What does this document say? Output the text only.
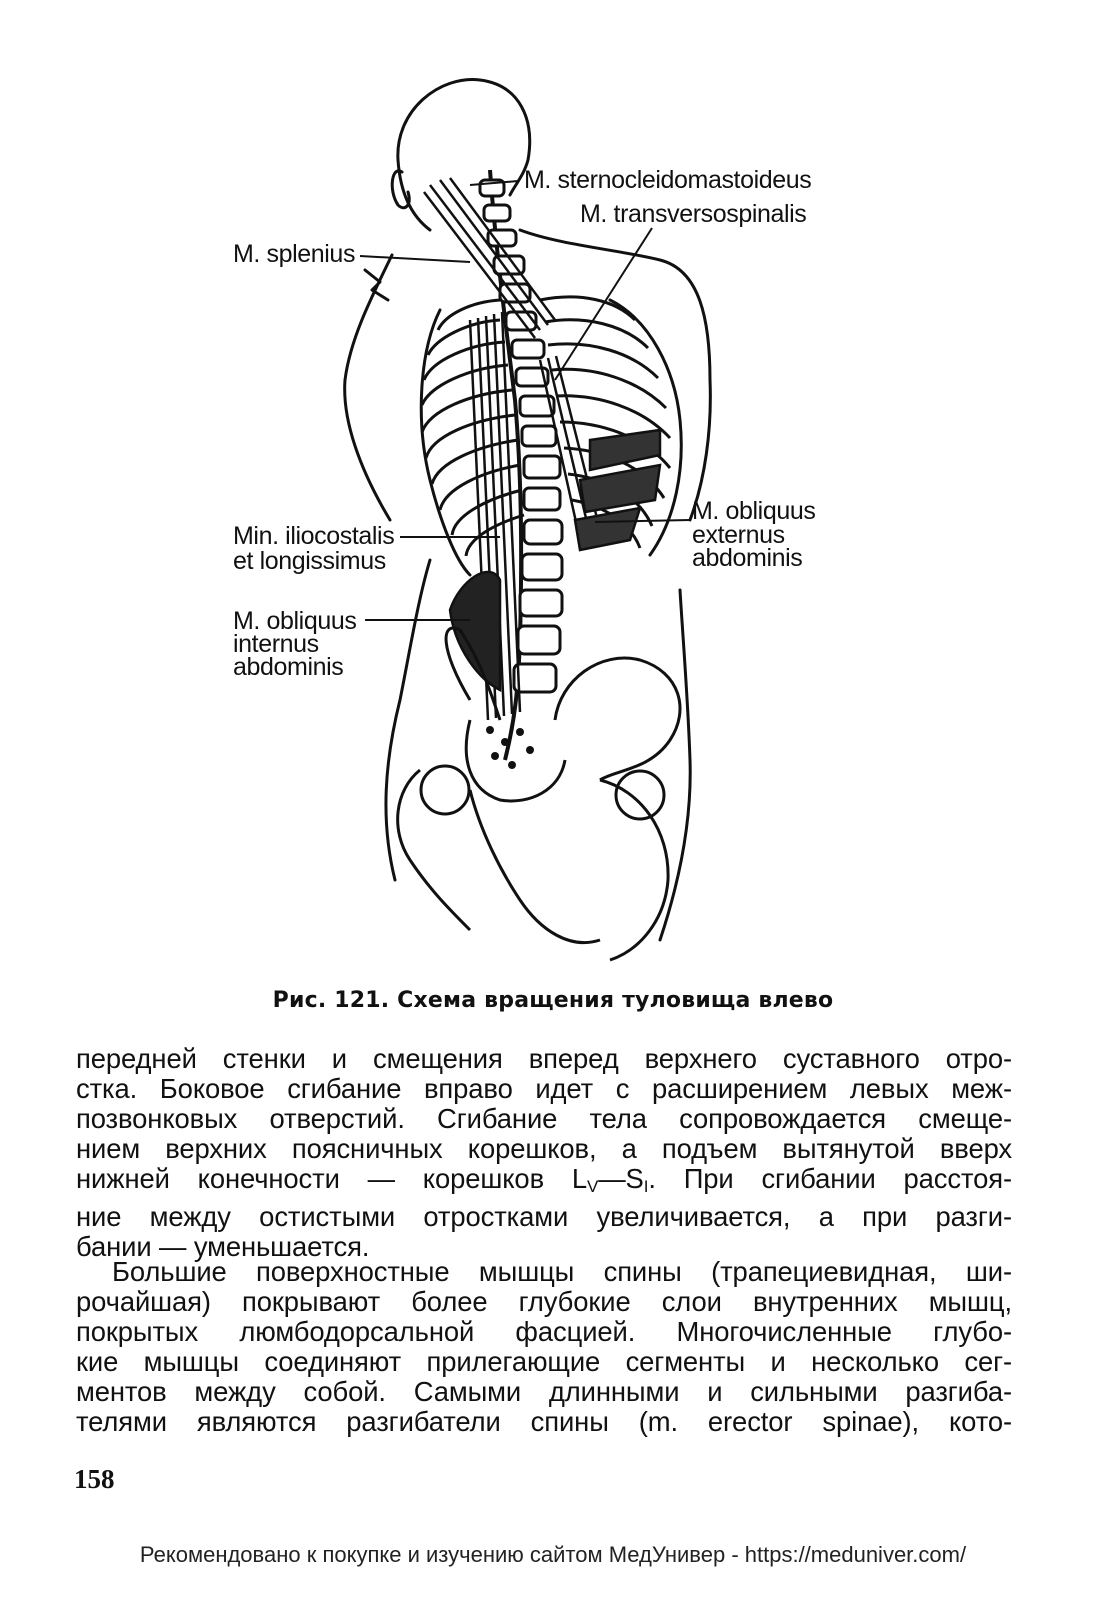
M. sternocleidomastoideus
M. transversospinalis
M. splenius
Min. iliocostalis
et longissimus
M. obliquus
externus
abdominis
M. obliquus
internus
abdominis
Рис. 121. Схема вращения туловища влево
передней стенки и смещения вперед верхнего суставного отро-
стка. Боковое сгибание вправо идет с расширением левых меж-
позвонковых отверстий. Сгибание тела сопровождается смеще-
нием верхних поясничных корешков, а подъем вытянутой вверх
нижней конечности — корешков $L_V—S_I$. При сгибании расстоя-
ние между остистыми отростками увеличивается, а при разги-
бании — уменьшается.
Большие поверхностные мышцы спины (трапециевидная, ши-
рочайшая) покрывают более глубокие слои внутренних мышц,
покрытых люмбодорсальной фасцией. Многочисленные глубо-
кие мышцы соединяют прилегающие сегменты и несколько сег-
ментов между собой. Самыми длинными и сильными разгиба-
телями являются разгибатели спины (m. erector spinae), кото-
158
Рекомендовано к покупке и изучению сайтом МедУнивер - https://meduniver.com/
